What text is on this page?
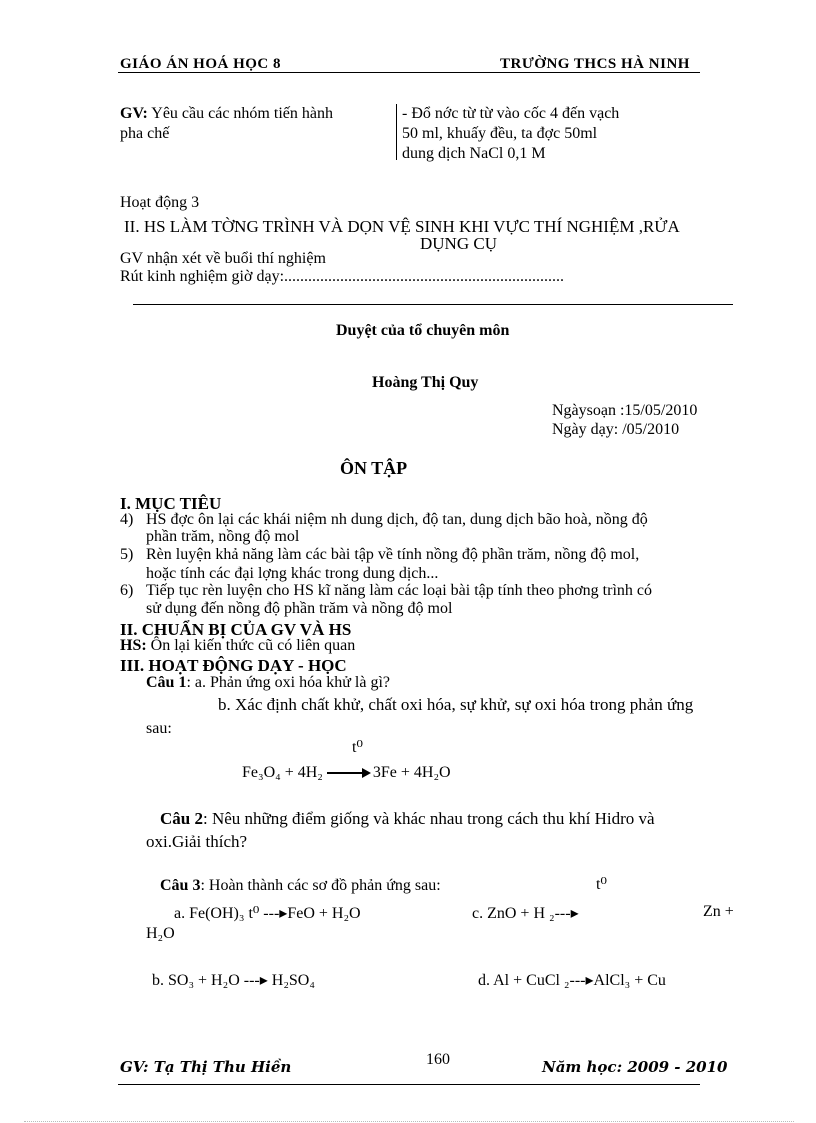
GIÁO ÁN HOÁ HỌC 8	TRƯỜNG THCS HÀ NINH
GV: Yêu cầu các nhóm tiến hành
pha chế
- Đổ nớc từ từ vào cốc 4 đến vạch
50 ml, khuấy đều, ta đợc 50ml
dung dịch NaCl 0,1 M
Hoạt động 3
II. HS LÀM TỜNG TRÌNH VÀ DỌN VỆ SINH KHI VỰC THÍ NGHIỆM ,RỬA
DỤNG CỤ
GV nhận xét về buổi thí nghiệm
Rút kinh nghiệm giờ dạy:......................................................................
Duyệt của tổ chuyên môn
Hoàng Thị Quy
Ngàysoạn :15/05/2010
Ngày dạy: /05/2010
ÔN TẬP
I. MỤC TIÊU
4) HS đợc ôn lại các khái niệm nh dung dịch, độ tan, dung dịch bão hoà, nồng độ
phần trăm, nồng độ mol
5) Rèn luyện khả năng làm các bài tập về tính nồng độ phần trăm, nồng độ mol,
hoặc tính các đại lợng khác trong dung dịch...
6) Tiếp tục rèn luyện cho HS kĩ năng làm các loại bài tập tính theo phơng trình có
sử dụng đến nồng độ phần trăm và nồng độ mol
II. CHUẨN BỊ CỦA GV VÀ HS
HS: Ôn lại kiến thức cũ có liên quan
III. HOẠT ĐỘNG DẠY - HỌC
Câu 1: a. Phản ứng oxi hóa khử là gì?
b. Xác định chất khử, chất oxi hóa, sự khử, sự oxi hóa trong phản ứng
sau:
t⁰
Fe₃O₄ + 4H₂	3Fe + 4H₂O
Câu 2: Nêu những điểm giống và khác nhau trong cách thu khí Hidro và
oxi.Giải thích?
Câu 3: Hoàn thành các sơ đồ phản ứng sau:	t⁰
a. Fe(OH)₃ t⁰ ---▸FeO + H₂O	c. ZnO + H ₂---▸	Zn +
H₂O
b. SO₃ + H₂O ---▸ H₂SO₄	d. Al + CuCl ₂---▸AlCl₃ + Cu
GV: Tạ Thị Thu Hiền	160	Năm học: 2009 - 2010
